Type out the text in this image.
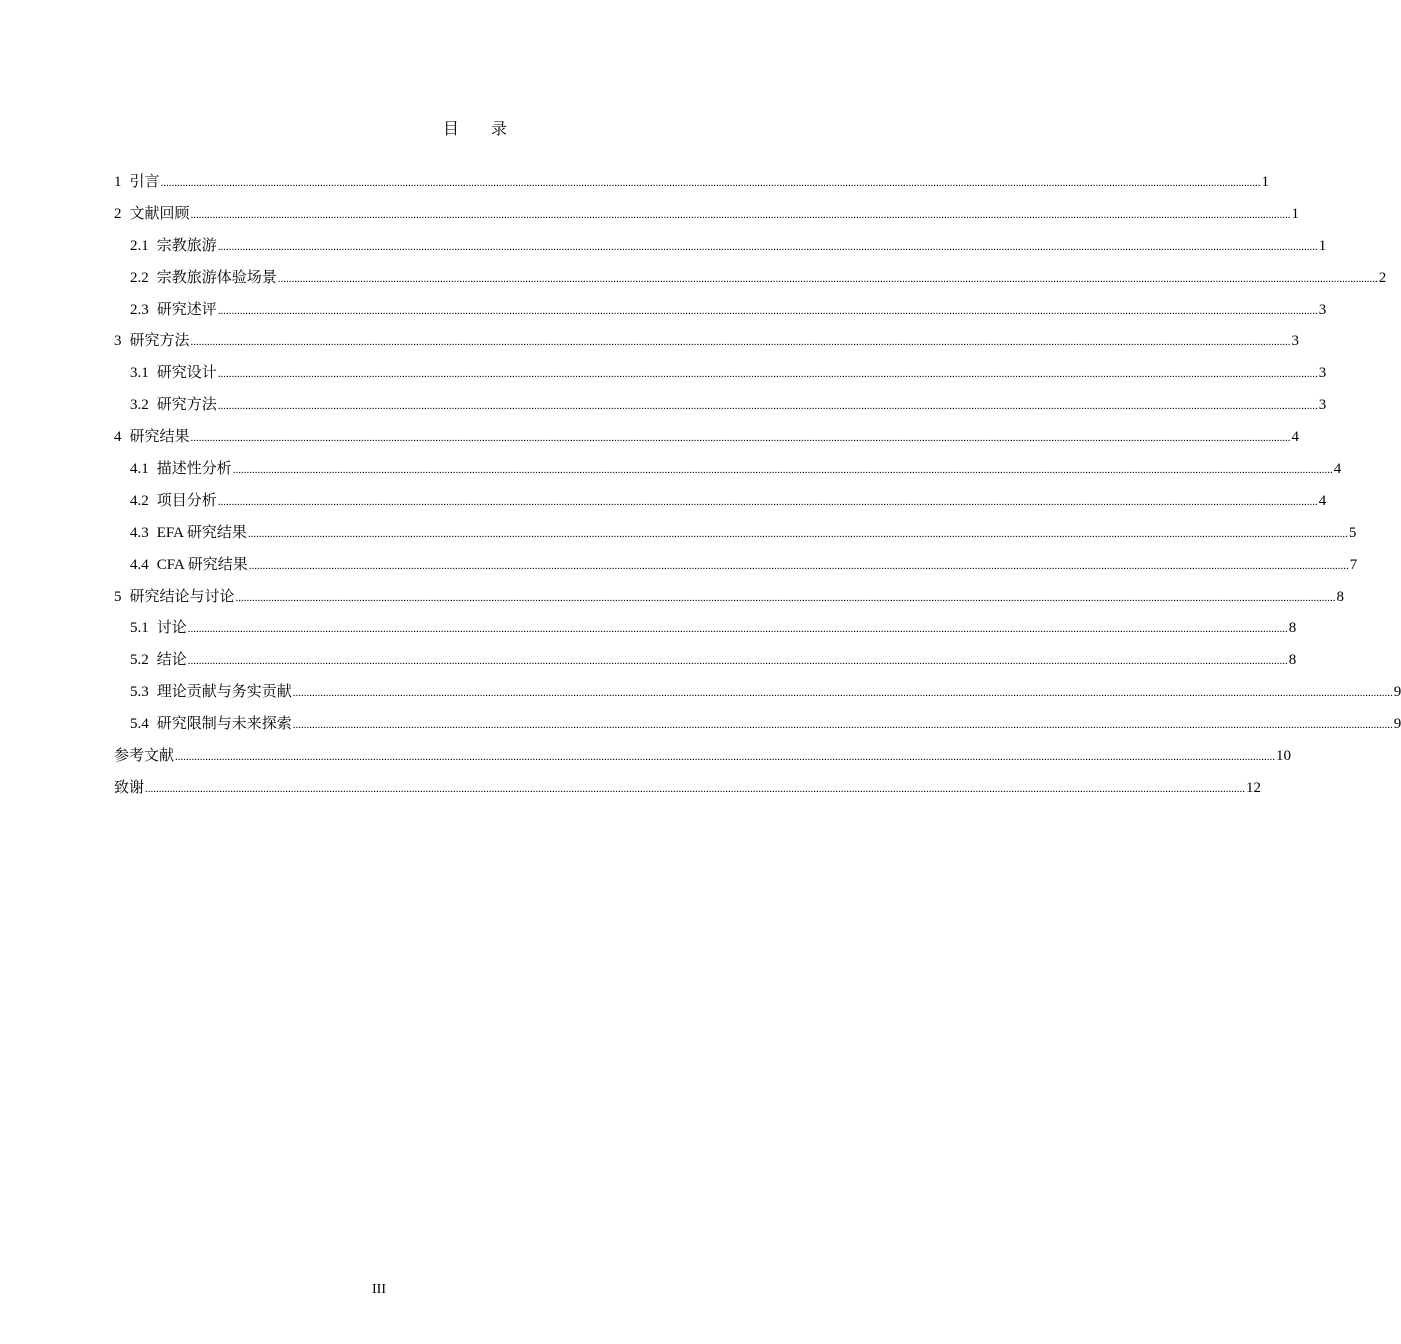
目 录
1 引言 ................................................................................................................................................................................................................................................................................................................................................................................................................ 1
2 文献回顾 ................................................................................................................................................................................................................................................................................................................................................................................................................ 1
2.1 宗教旅游 ................................................................................................................................................................................................................................................................................................................................................................................................................ 1
2.2 宗教旅游体验场景 ................................................................................................................................................................................................................................................................................................................................................................................................................ 2
2.3 研究述评 ................................................................................................................................................................................................................................................................................................................................................................................................................ 3
3 研究方法 ................................................................................................................................................................................................................................................................................................................................................................................................................ 3
3.1 研究设计 ................................................................................................................................................................................................................................................................................................................................................................................................................ 3
3.2 研究方法 ................................................................................................................................................................................................................................................................................................................................................................................................................ 3
4 研究结果 ................................................................................................................................................................................................................................................................................................................................................................................................................ 4
4.1 描述性分析 ................................................................................................................................................................................................................................................................................................................................................................................................................ 4
4.2 项目分析 ................................................................................................................................................................................................................................................................................................................................................................................................................ 4
4.3 EFA 研究结果 ................................................................................................................................................................................................................................................................................................................................................................................................................ 5
4.4 CFA 研究结果 ................................................................................................................................................................................................................................................................................................................................................................................................................ 7
5 研究结论与讨论 ................................................................................................................................................................................................................................................................................................................................................................................................................ 8
5.1 讨论 ................................................................................................................................................................................................................................................................................................................................................................................................................ 8
5.2 结论 ................................................................................................................................................................................................................................................................................................................................................................................................................ 8
5.3 理论贡献与务实贡献 ................................................................................................................................................................................................................................................................................................................................................................................................................ 9
5.4 研究限制与未来探索 ................................................................................................................................................................................................................................................................................................................................................................................................................ 9
参考文献 ................................................................................................................................................................................................................................................................................................................................................................................................................ 10
致谢 ................................................................................................................................................................................................................................................................................................................................................................................................................ 12
III
